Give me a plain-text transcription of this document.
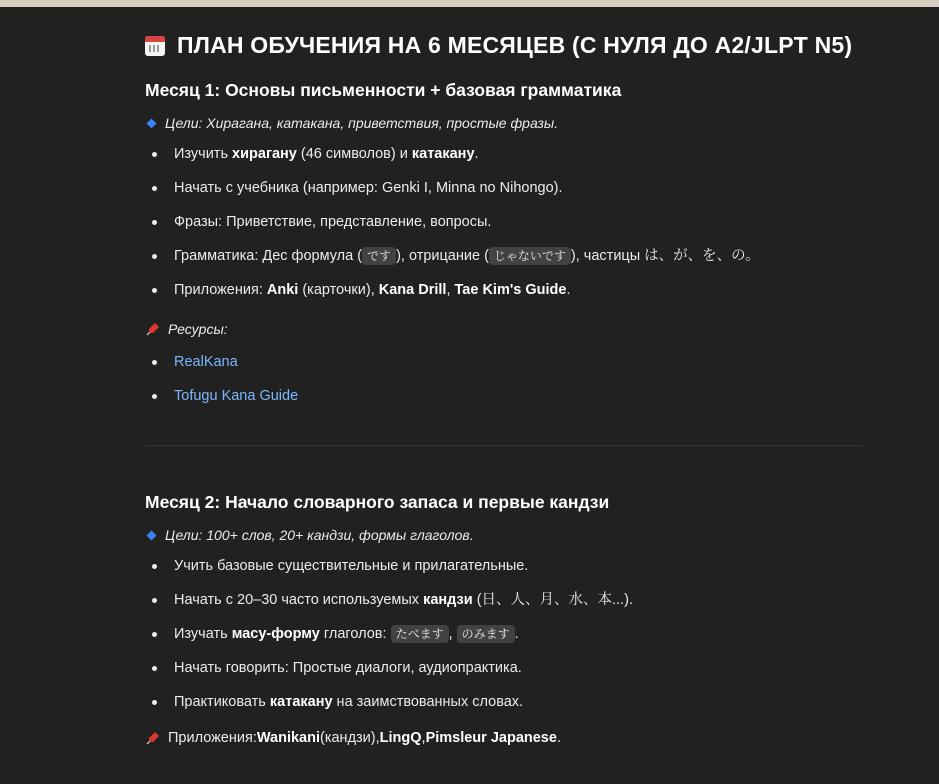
ПЛАН ОБУЧЕНИЯ НА 6 МЕСЯЦЕВ (С НУЛЯ ДО A2/JLPT N5)
Месяц 1: Основы письменности + базовая грамматика
Цели: Хирагана, катакана, приветствия, простые фразы.
Изучить хирагану (46 символов) и катакану.
Начать с учебника (например: Genki I, Minna no Nihongo).
Фразы: Приветствие, представление, вопросы.
Грамматика: Дес формула ( です ), отрицание ( じゃないです ), частицы は、が、を、の。
Приложения: Anki (карточки), Kana Drill, Tae Kim's Guide.
Ресурсы:
RealKana
Tofugu Kana Guide
Месяц 2: Начало словарного запаса и первые кандзи
Цели: 100+ слов, 20+ кандзи, формы глаголов.
Учить базовые существительные и прилагательные.
Начать с 20–30 часто используемых кандзи (日、人、月、水、本...).
Изучать масу-форму глаголов: たべます , のみます .
Начать говорить: Простые диалоги, аудиопрактика.
Практиковать катакану на заимствованных словах.
Приложения: Wanikani (кандзи), LingQ , Pimsleur Japanese .
